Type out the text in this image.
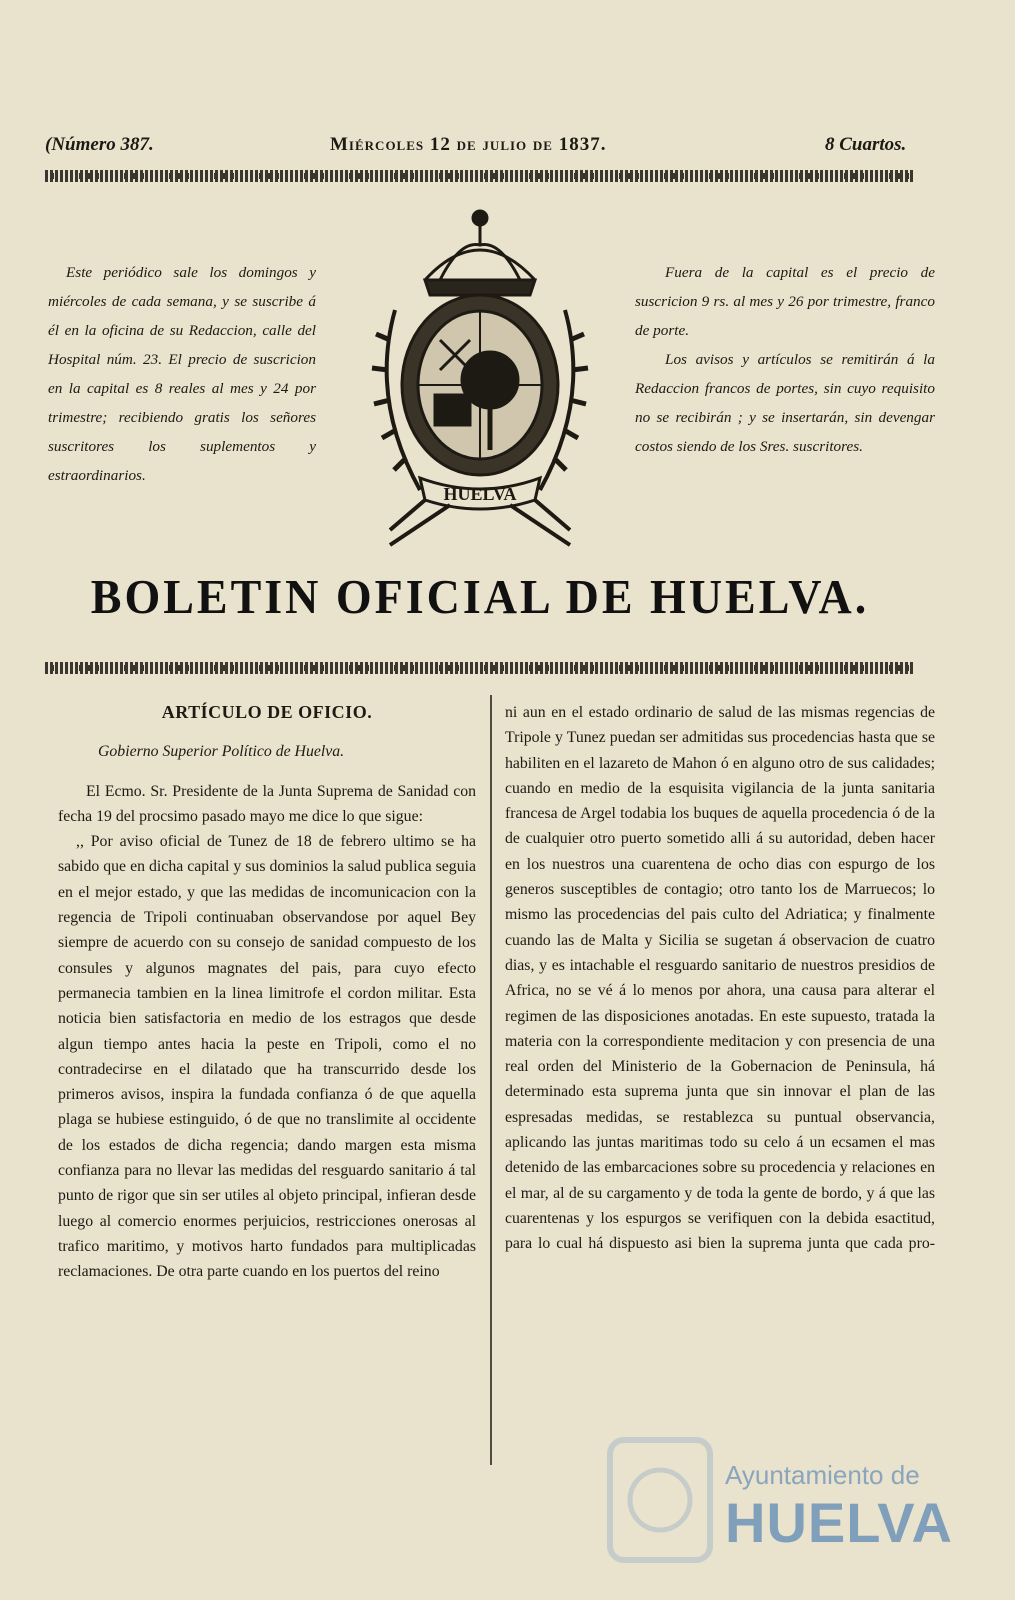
(Número 387.	Miércoles 12 de julio de 1837.	8 Cuartos.

Este periódico sale los domingos y miércoles de cada semana, y se suscribe á él en la oficina de su Redaccion, calle del Hospital núm. 23. El precio de suscricion en la capital es 8 reales al mes y 24 por trimestre; recibiendo gratis los señores suscritores los suplementos y estraordinarios.

HUELVA

Fuera de la capital es el precio de suscricion 9 rs. al mes y 26 por trimestre, franco de porte.

Los avisos y artículos se remitirán á la Redaccion francos de portes, sin cuyo requisito no se recibirán ; y se insertarán, sin devengar costos siendo de los Sres. suscritores.

BOLETIN OFICIAL DE HUELVA.

ARTÍCULO DE OFICIO.

Gobierno Superior Político de Huelva.

El Ecmo. Sr. Presidente de la Junta Suprema de Sanidad con fecha 19 del procsimo pasado mayo me dice lo que sigue:

,, Por aviso oficial de Tunez de 18 de febrero ultimo se ha sabido que en dicha capital y sus dominios la salud publica seguia en el mejor estado, y que las medidas de incomunicacion con la regencia de Tripoli continuaban observandose por aquel Bey siempre de acuerdo con su consejo de sanidad compuesto de los consules y algunos magnates del pais, para cuyo efecto permanecia tambien en la linea limitrofe el cordon militar. Esta noticia bien satisfactoria en medio de los estragos que desde algun tiempo antes hacia la peste en Tripoli, como el no contradecirse en el dilatado que ha transcurrido desde los primeros avisos, inspira la fundada confianza ó de que aquella plaga se hubiese estinguido, ó de que no translimite al occidente de los estados de dicha regencia; dando margen esta misma confianza para no llevar las medidas del resguardo sanitario á tal punto de rigor que sin ser utiles al objeto principal, infieran desde luego al comercio enormes perjuicios, restricciones onerosas al trafico maritimo, y motivos harto fundados para multiplicadas reclamaciones. De otra parte cuando en los puertos del reino

ni aun en el estado ordinario de salud de las mismas regencias de Tripole y Tunez puedan ser admitidas sus procedencias hasta que se habiliten en el lazareto de Mahon ó en alguno otro de sus calidades; cuando en medio de la esquisita vigilancia de la junta sanitaria francesa de Argel todabia los buques de aquella procedencia ó de la de cualquier otro puerto sometido alli á su autoridad, deben hacer en los nuestros una cuarentena de ocho dias con espurgo de los generos susceptibles de contagio; otro tanto los de Marruecos; lo mismo las procedencias del pais culto del Adriatica; y finalmente cuando las de Malta y Sicilia se sugetan á observacion de cuatro dias, y es intachable el resguardo sanitario de nuestros presidios de Africa, no se vé á lo menos por ahora, una causa para alterar el regimen de las disposiciones anotadas. En este supuesto, tratada la materia con la correspondiente meditacion y con presencia de una real orden del Ministerio de la Gobernacion de Peninsula, há determinado esta suprema junta que sin innovar el plan de las espresadas medidas, se restablezca su puntual observancia, aplicando las juntas maritimas todo su celo á un ecsamen el mas detenido de las embarcaciones sobre su procedencia y relaciones en el mar, al de su cargamento y de toda la gente de bordo, y á que las cuarentenas y los espurgos se verifiquen con la debida esactitud, para lo cual há dispuesto asi bien la suprema junta que cada pro-

Ayuntamiento de
HUELVA
